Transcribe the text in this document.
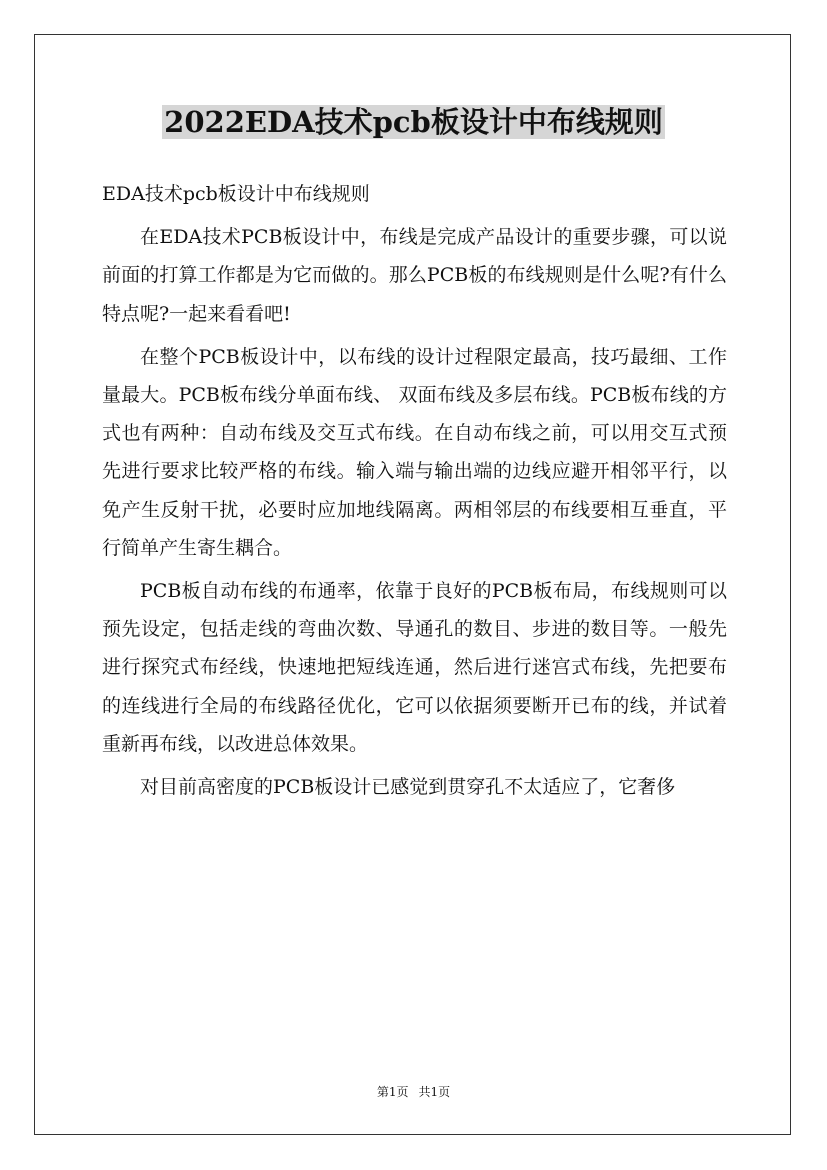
2022EDA技术pcb板设计中布线规则

EDA技术pcb板设计中布线规则

在EDA技术PCB板设计中，布线是完成产品设计的重要步骤，可以说前面的打算工作都是为它而做的。那么PCB板的布线规则是什么呢?有什么特点呢?一起来看看吧!

在整个PCB板设计中，以布线的设计过程限定最高，技巧最细、工作量最大。PCB板布线分单面布线、 双面布线及多层布线。PCB板布线的方式也有两种：自动布线及交互式布线。在自动布线之前，可以用交互式预先进行要求比较严格的布线。输入端与输出端的边线应避开相邻平行，以免产生反射干扰，必要时应加地线隔离。两相邻层的布线要相互垂直，平行简单产生寄生耦合。

PCB板自动布线的布通率，依靠于良好的PCB板布局，布线规则可以预先设定，包括走线的弯曲次数、导通孔的数目、步进的数目等。一般先进行探究式布经线，快速地把短线连通，然后进行迷宫式布线，先把要布的连线进行全局的布线路径优化，它可以依据须要断开已布的线，并试着重新再布线，以改进总体效果。

对目前高密度的PCB板设计已感觉到贯穿孔不太适应了，它奢侈

第1页 共1页
